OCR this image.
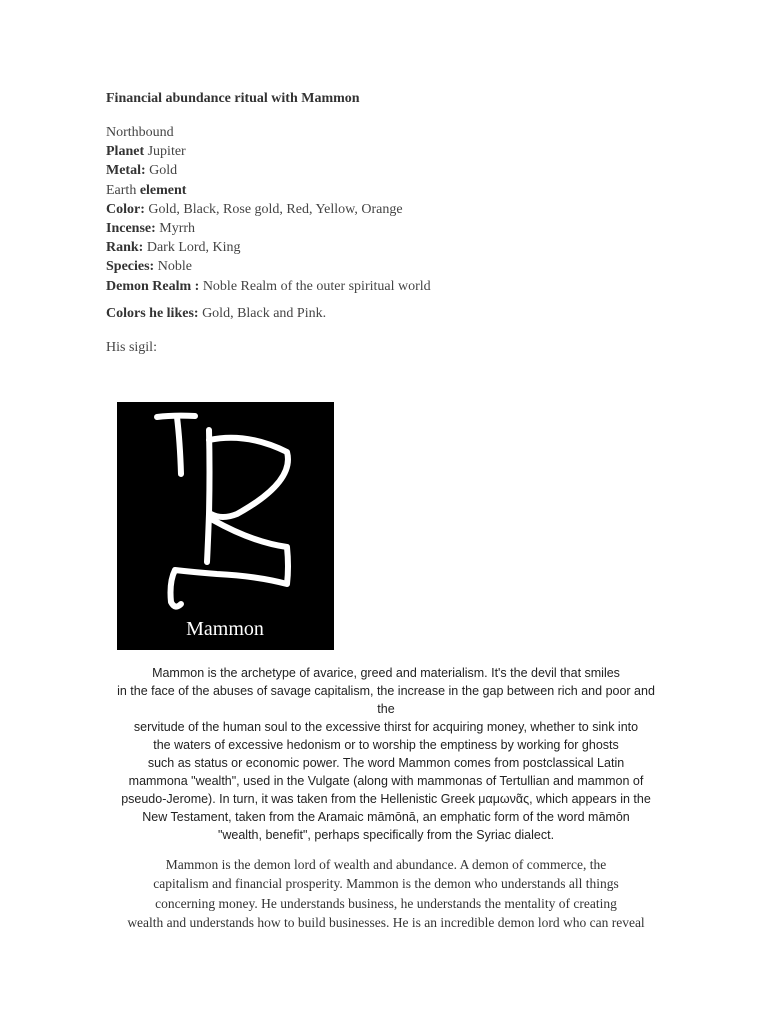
Financial abundance ritual with Mammon
Northbound
Planet Jupiter
Metal: Gold
Earth element
Color: Gold, Black, Rose gold, Red, Yellow, Orange
Incense: Myrrh
Rank: Dark Lord, King
Species: Noble
Demon Realm : Noble Realm of the outer spiritual world
Colors he likes: Gold, Black and Pink.
His sigil:
Mammon
Mammon is the archetype of avarice, greed and materialism. It's the devil that smiles
in the face of the abuses of savage capitalism, the increase in the gap between rich and poor and
the
servitude of the human soul to the excessive thirst for acquiring money, whether to sink into
the waters of excessive hedonism or to worship the emptiness by working for ghosts
such as status or economic power. The word Mammon comes from postclassical Latin
mammona "wealth", used in the Vulgate (along with mammonas of Tertullian and mammon of
pseudo-Jerome). In turn, it was taken from the Hellenistic Greek μαμωνᾶς, which appears in the
New Testament, taken from the Aramaic māmōnā, an emphatic form of the word māmōn
"wealth, benefit", perhaps specifically from the Syriac dialect.
Mammon is the demon lord of wealth and abundance. A demon of commerce, the
capitalism and financial prosperity. Mammon is the demon who understands all things
concerning money. He understands business, he understands the mentality of creating
wealth and understands how to build businesses. He is an incredible demon lord who can reveal
